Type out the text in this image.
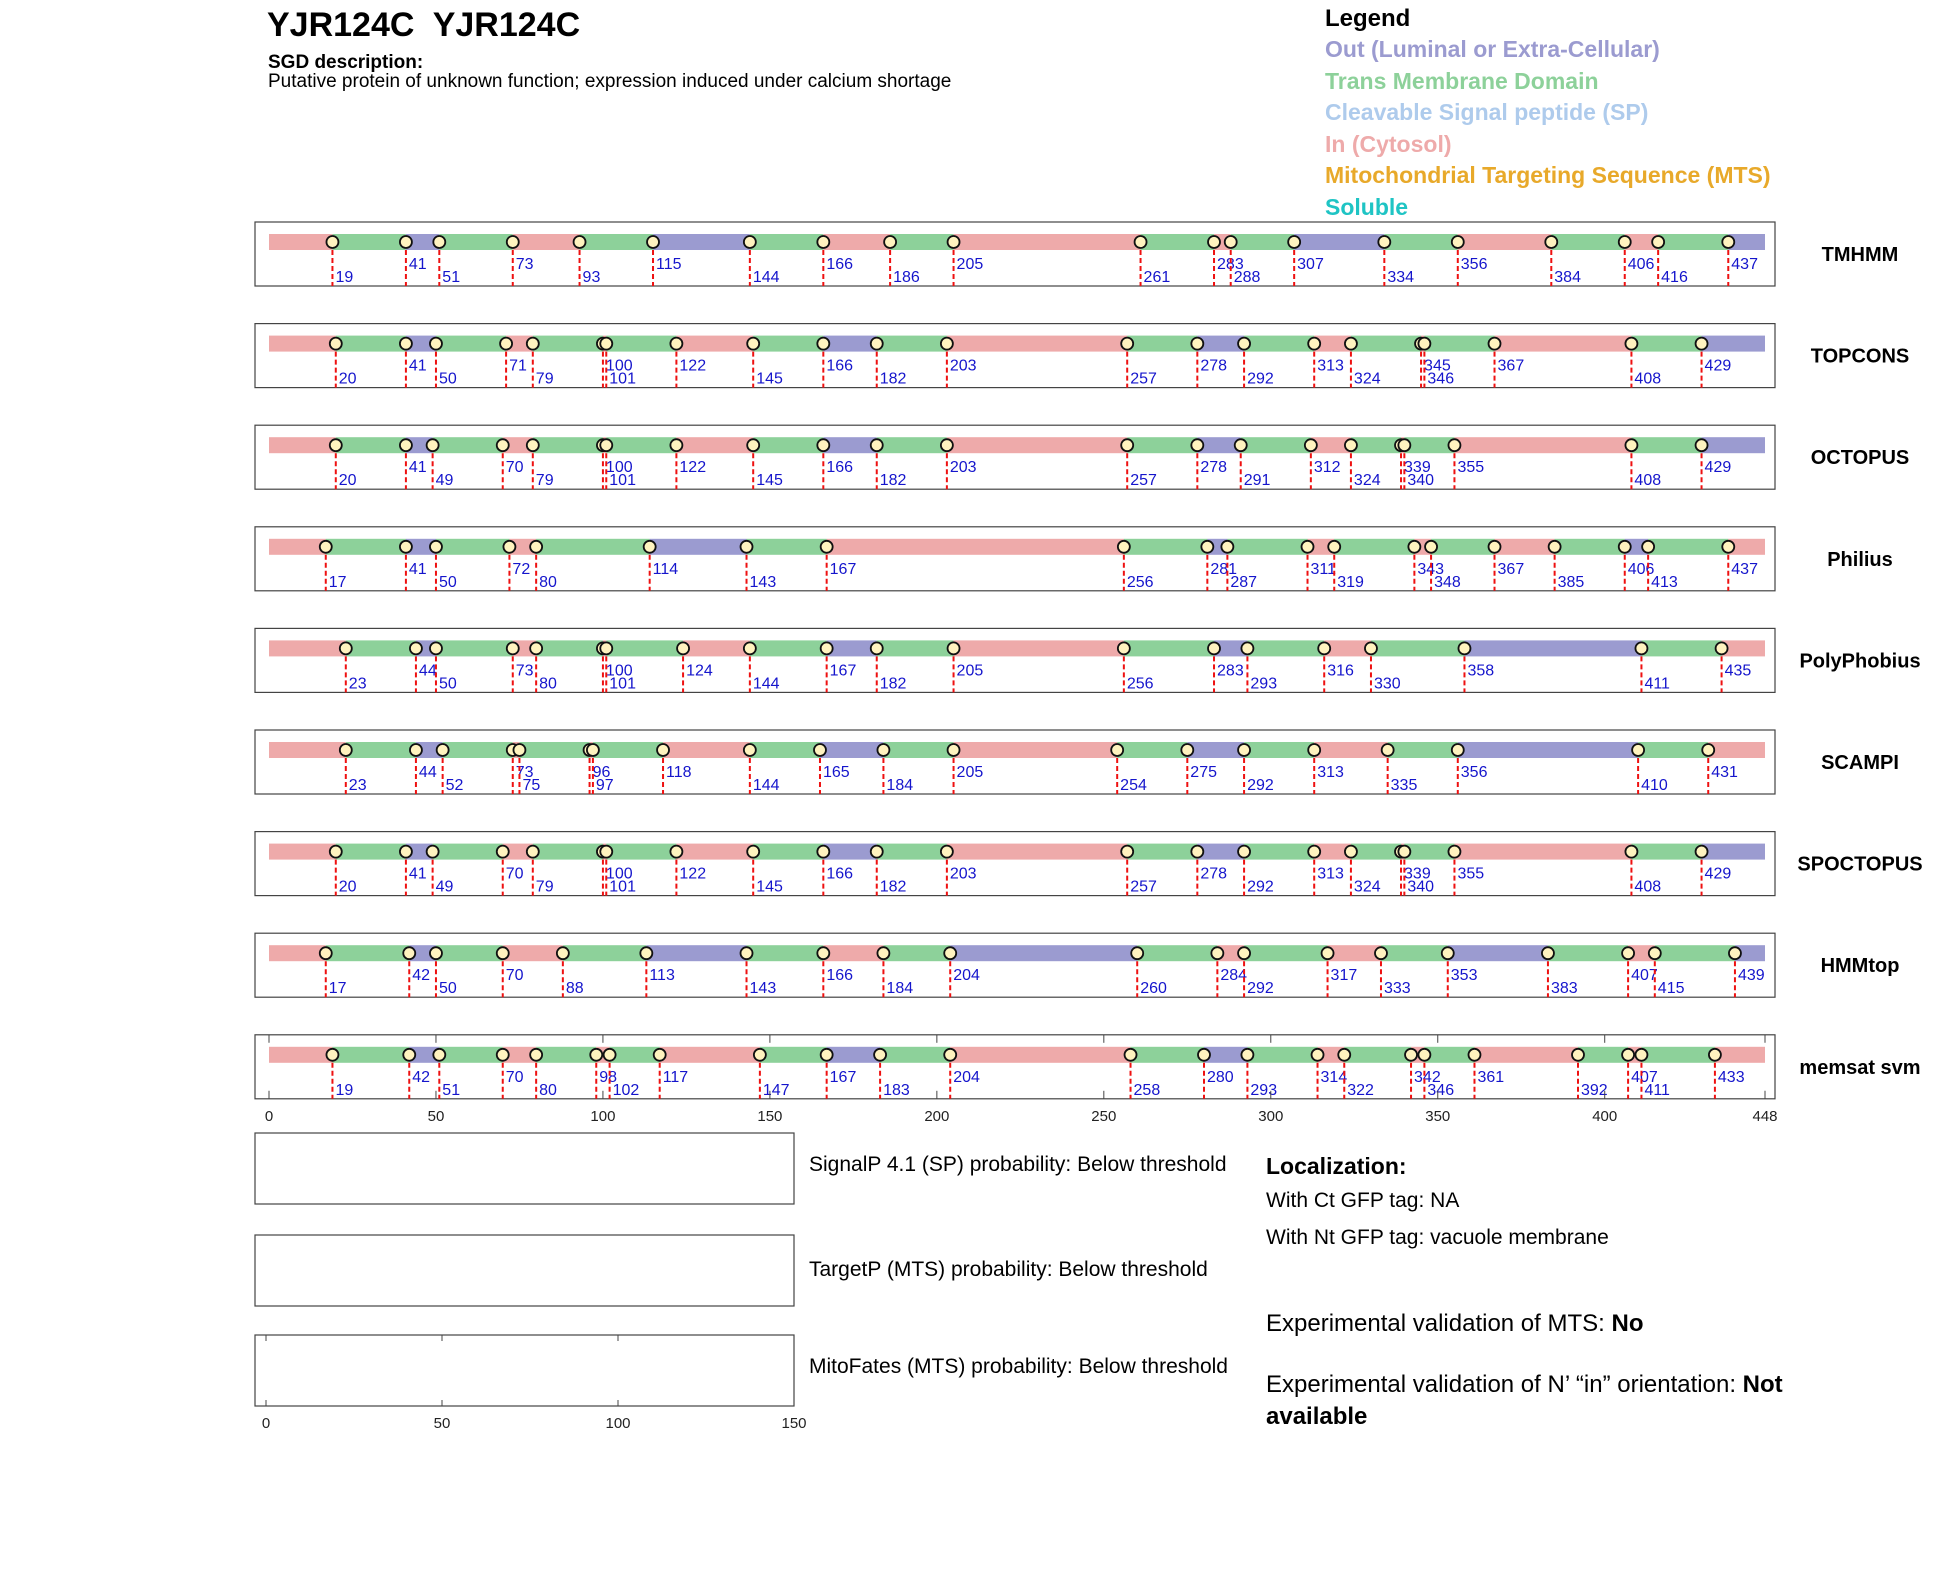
YJR124C  YJR124C
SGD description:
Putative protein of unknown function; expression induced under calcium shortage
Legend
Out (Luminal or Extra-Cellular)
Trans Membrane Domain
Cleavable Signal peptide (SP)
In (Cytosol)
Mitochondrial Targeting Sequence (MTS)
Soluble
19
41
51
73
93
115
144
166
186
205
261
283
288
307
334
356
384
406
416
437	TMHMM
20
41
50
71
79
100
101
122
145
166
182
203
257
278
292
313
324
345
346
367
408
429	TOPCONS
20
41
49
70
79
100
101
122
145
166
182
203
257
278
291
312
324
339
340
355
408
429	OCTOPUS
17
41
50
72
80
114
143
167
256
281
287
311
319
343
348
367
385
406
413
437	Philius
23
44
50
73
80
100
101
124
144
167
182
205
256
283
293
316
330
358
411
435 PolyPhobius
23
44
52
73
75
96
97
118
144
165
184
205
254
275
292
313
335
356
410
431	SCAMPI
20
41
49
70
79
100
101
122
145
166
182
203
257
278
292
313
324
339
340
355
408
429	SPOCTOPUS
17
42
50
70
88
113
143
166
184
204
260
284
292
317
333
353
383
407
415
439	HMMtop
19
42
51
70
80
98
102
117
147
167
183
204
258
280
293
314
322
342
346
361
392
407
411
433	memsat svm
0	50	100	150	200	250	300	350	400	448
0	50	100	150
SignalP 4.1 (SP) probability: Below threshold
TargetP (MTS) probability: Below threshold
MitoFates (MTS) probability: Below threshold
Localization:
With Ct GFP tag: NA
With Nt GFP tag: vacuole membrane
Experimental validation of MTS: No
Experimental validation of N’ “in” orientation: Not available
